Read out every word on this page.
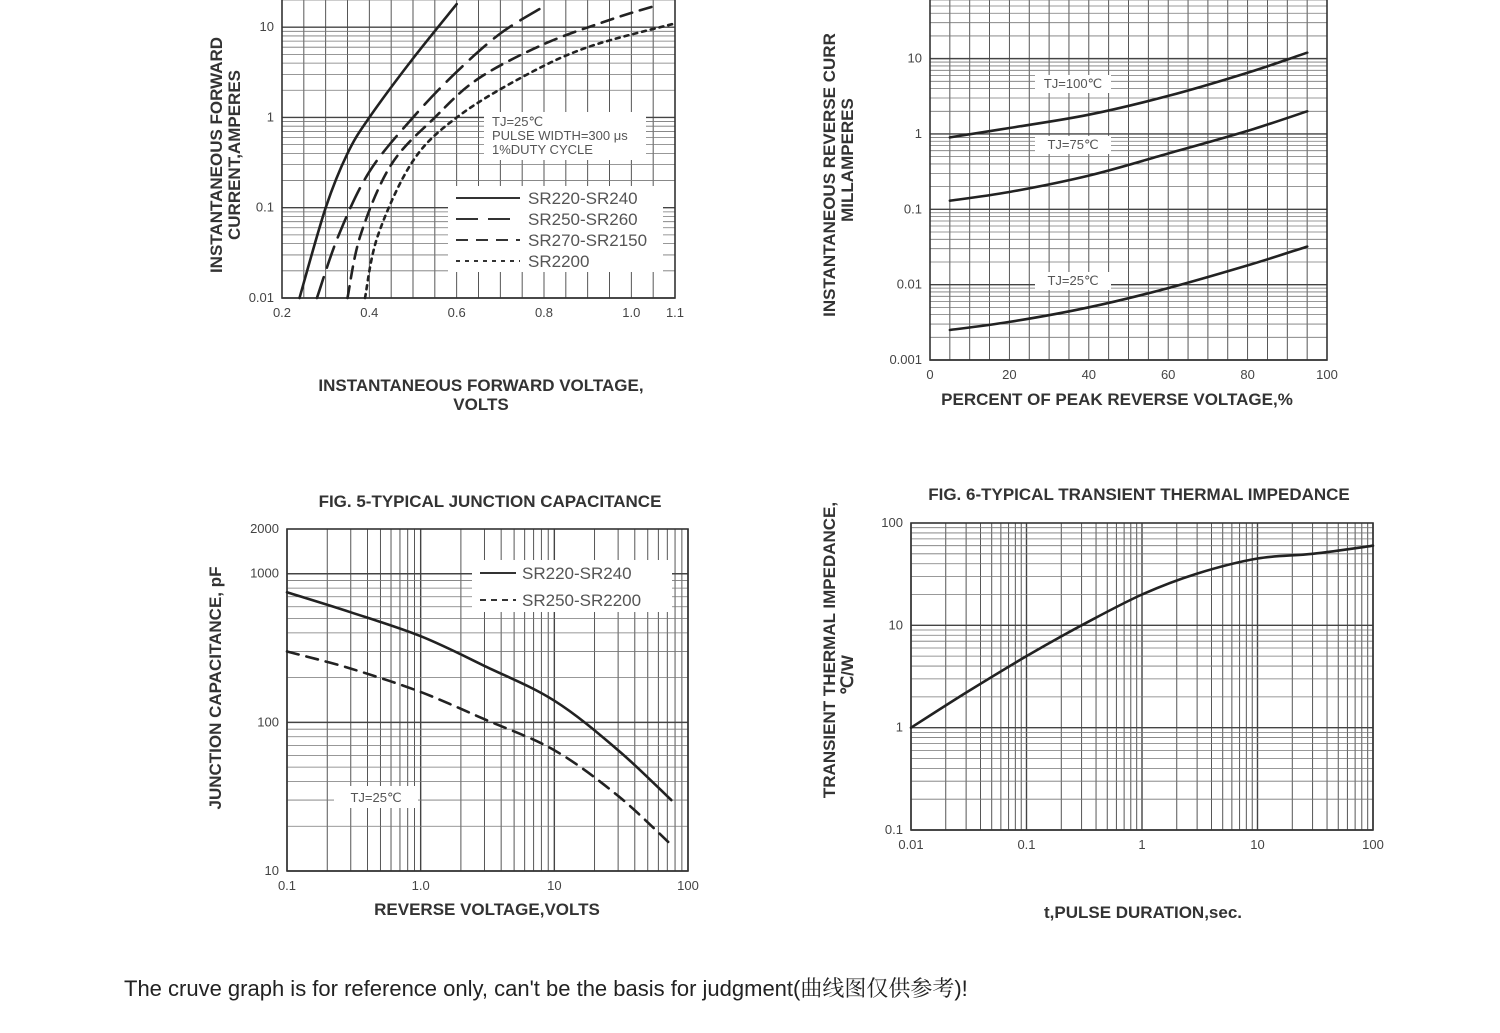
0.2	0.4	0.6	0.8	1.0 1.1
0.01
0.1
1
10
TJ=25℃
PULSE WIDTH=300 μs
1%DUTY CYCLE
SR220-SR240
SR250-SR260
SR270-SR2150
SR2200
INSTANTANEOUS FORWARD VOLTAGE,
VOLTS
INSTANTANEOUS FORWARD CURRENT,AMPERES
0	20	40	60	80	100
0.001
0.01
0.1
1
10
TJ=100℃
TJ=75℃
TJ=25℃
PERCENT OF PEAK REVERSE VOLTAGE,%
INSTANTANEOUS REVERSE CURR MILLAMPERES
FIG. 5-TYPICAL JUNCTION CAPACITANCE
0.1	1.0	10	100
10
100
1000
2000
SR220-SR240
SR250-SR2200
TJ=25℃
REVERSE VOLTAGE,VOLTS
JUNCTION CAPACITANCE, pF
FIG. 6-TYPICAL TRANSIENT THERMAL IMPEDANCE
0.01	0.1	1	10	100
0.1
1
10
100
t,PULSE DURATION,sec.
TRANSIENT THERMAL IMPEDANCE, ℃/W
The cruve graph is for reference only, can't be the basis for judgment(曲线图仅供参考)!
